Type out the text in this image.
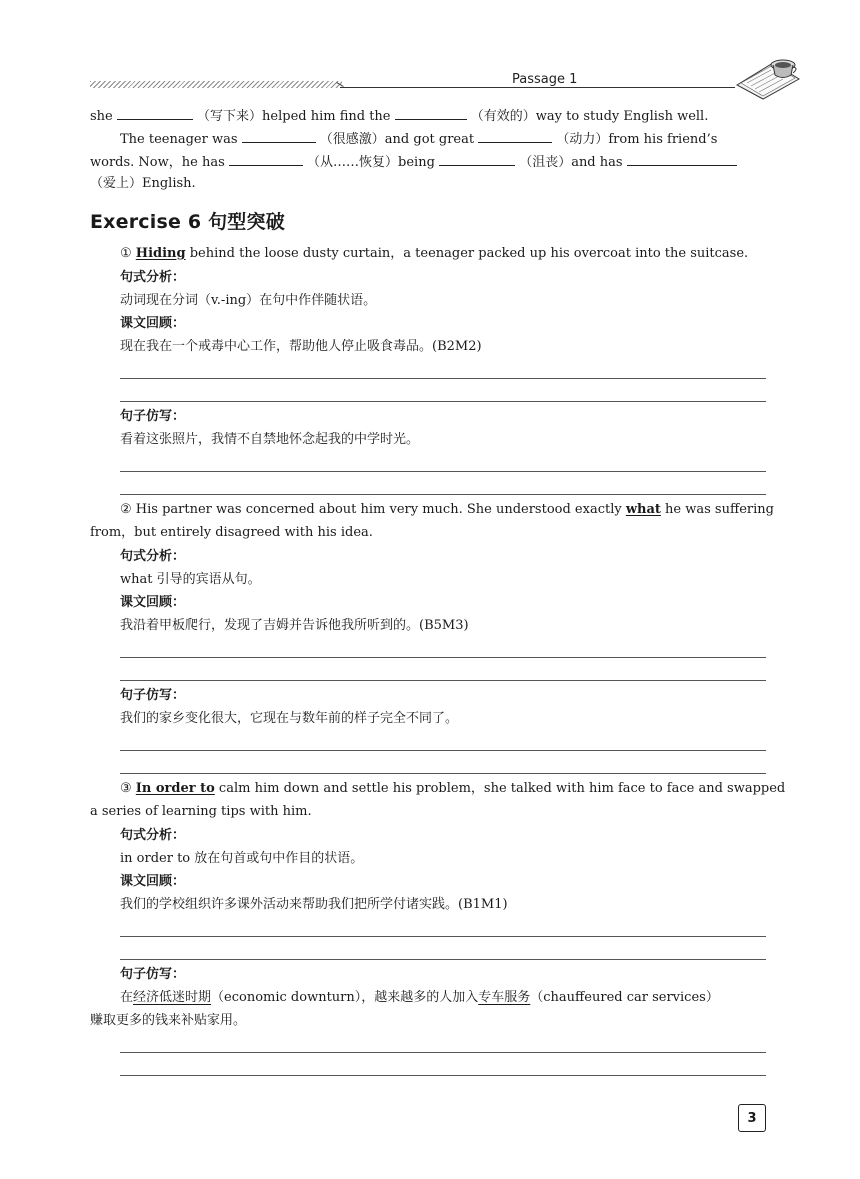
Passage 1
she	（写下来）helped him find the	（有效的）way to study English well.
The teenager was	（很感激）and got great	（动力）from his friend’s
words. Now，he has	（从……恢复）being	（沮丧）and has
（爱上）English.
Exercise 6 句型突破
① Hiding behind the loose dusty curtain，a teenager packed up his overcoat into the suitcase.
句式分析：
动词现在分词（v.-ing）在句中作伴随状语。
课文回顾：
现在我在一个戒毒中心工作，帮助他人停止吸食毒品。(B2M2)
句子仿写：
看着这张照片，我情不自禁地怀念起我的中学时光。
② His partner was concerned about him very much. She understood exactly what he was suffering
from，but entirely disagreed with his idea.
句式分析：
what 引导的宾语从句。
课文回顾：
我沿着甲板爬行，发现了吉姆并告诉他我所听到的。(B5M3)
句子仿写：
我们的家乡变化很大，它现在与数年前的样子完全不同了。
③ In order to calm him down and settle his problem，she talked with him face to face and swapped
a series of learning tips with him.
句式分析：
in order to 放在句首或句中作目的状语。
课文回顾：
我们的学校组织许多课外活动来帮助我们把所学付诸实践。(B1M1)
句子仿写：
在经济低迷时期（economic downturn），越来越多的人加入专车服务（chauffeured car services）
赚取更多的钱来补贴家用。
3
